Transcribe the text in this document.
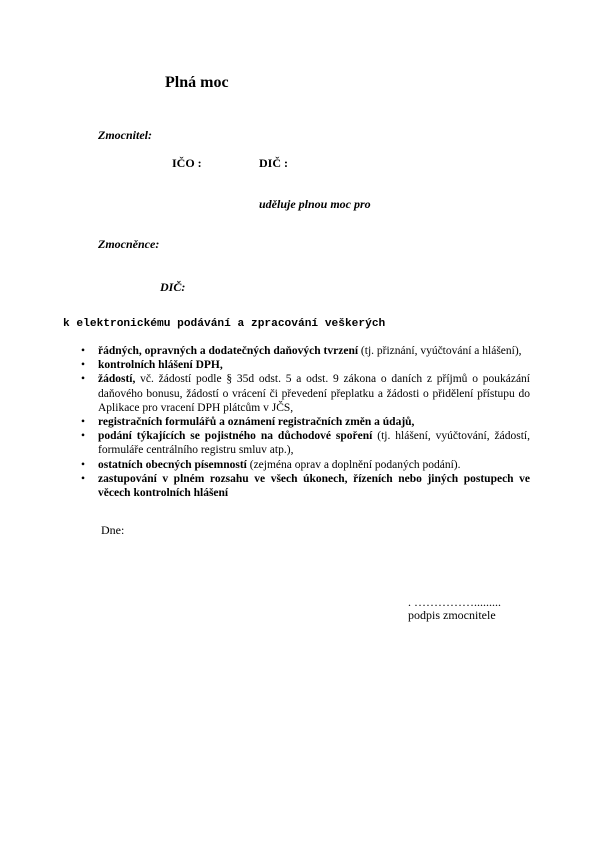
Plná moc
Zmocnitel:
IČO :	DIČ :
uděluje plnou moc pro
Zmocněnce:
DIČ:
k elektronickému podávání a zpracování veškerých
• řádných, opravných a dodatečných daňových tvrzení (tj. přiznání, vyúčtování a hlášení),
• kontrolních hlášení DPH,
• žádostí, vč. žádostí podle § 35d odst. 5 a odst. 9 zákona o daních z příjmů o poukázání daňového bonusu, žádostí o vrácení či převedení přeplatku a žádosti o přidělení přístupu do Aplikace pro vracení DPH plátcům v JČS,
• registračních formulářů a oznámení registračních změn a údajů,
• podání týkajících se pojistného na důchodové spoření (tj. hlášení, vyúčtování, žádostí, formuláře centrálního registru smluv atp.),
• ostatních obecných písemností (zejména oprav a doplnění podaných podání).
• zastupování v plném rozsahu ve všech úkonech, řízeních nebo jiných postupech ve věcech kontrolních hlášení
Dne:
. …………….........
podpis zmocnitele
